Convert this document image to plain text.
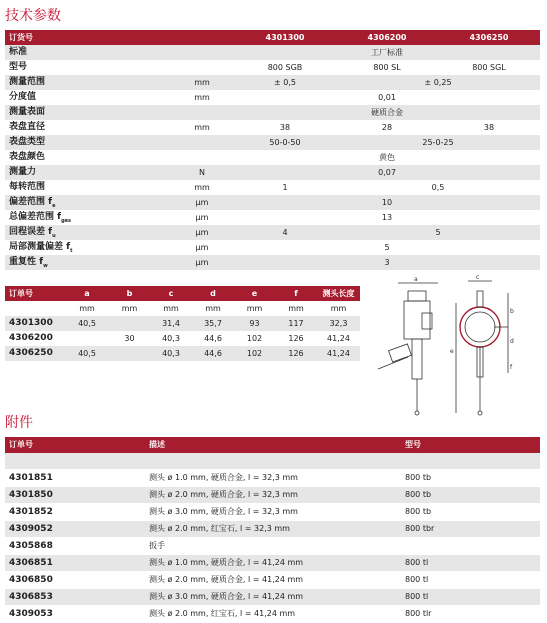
技术参数
订货号		4301300	4306200	4306250
标准		工厂标准		
型号		800 SGB	800 SL	800 SGL
测量范围	mm	± 0,5	± 0,25	
分度值	mm	0,01		
测量表面		硬质合金		
表盘直径	mm	38	28	38
表盘类型		50-0-50	25-0-25	
表盘颜色		黄色		
测量力	N	0,07		
每转范围	mm	1	0,5	
偏差范围 $f_e$	µm	10		
总偏差范围 $f_{ges}$	µm	13		
回程误差 $f_u$	µm	4	5	
局部测量偏差 $f_t$	µm	5		
重复性 $f_w$	µm	3		
订单号	a	b	c	d	e	f	测头长度
	mm	mm	mm	mm	mm	mm	mm
4301300	40,5		31,4	35,7	93	117	32,3
4306200		30	40,3	44,6	102	126	41,24
4306250	40,5		40,3	44,6	102	126	41,24
a
b
c
d
e
f
附件
订单号	描述	型号

4301851	测头 ø 1.0 mm, 硬质合金, l = 32,3 mm	800 tb
4301850	测头 ø 2.0 mm, 硬质合金, l = 32,3 mm	800 tb
4301852	测头 ø 3.0 mm, 硬质合金, l = 32,3 mm	800 tb
4309052	测头 ø 2.0 mm, 红宝石, l = 32,3 mm	800 tbr
4305868	扳手	
4306851	测头 ø 1.0 mm, 硬质合金, l = 41,24 mm	800 tl
4306850	测头 ø 2.0 mm, 硬质合金, l = 41,24 mm	800 tl
4306853	测头 ø 3.0 mm, 硬质合金, l = 41,24 mm	800 tl
4309053	测头 ø 2.0 mm, 红宝石, l = 41,24 mm	800 tlr
